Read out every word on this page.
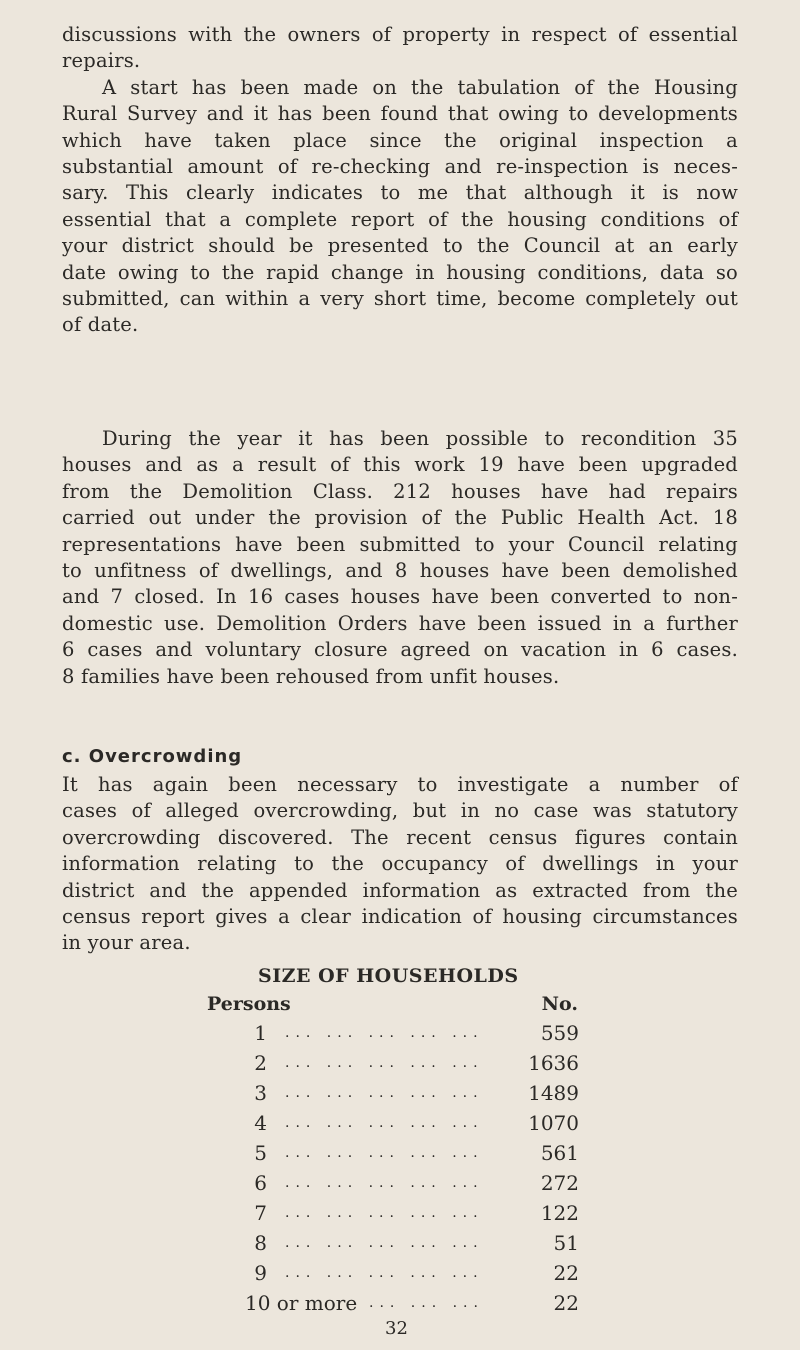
discussions with the owners of property in respect of essential
repairs.
A start has been made on the tabulation of the Housing
Rural Survey and it has been found that owing to developments
which have taken place since the original inspection a
substantial amount of re-checking and re-inspection is neces-
sary. This clearly indicates to me that although it is now
essential that a complete report of the housing conditions of
your district should be presented to the Council at an early
date owing to the rapid change in housing conditions, data so
submitted, can within a very short time, become completely out
of date.
During the year it has been possible to recondition 35
houses and as a result of this work 19 have been upgraded
from the Demolition Class. 212 houses have had repairs
carried out under the provision of the Public Health Act. 18
representations have been submitted to your Council relating
to unfitness of dwellings, and 8 houses have been demolished
and 7 closed. In 16 cases houses have been converted to non-
domestic use. Demolition Orders have been issued in a further
6 cases and voluntary closure agreed on vacation in 6 cases.
8 families have been rehoused from unfit houses.
c. Overcrowding
It has again been necessary to investigate a number of
cases of alleged overcrowding, but in no case was statutory
overcrowding discovered. The recent census figures contain
information relating to the occupancy of dwellings in your
district and the appended information as extracted from the
census report gives a clear indication of housing circumstances
in your area.
SIZE OF HOUSEHOLDS
Persons	No.
1 ... ... ... ... ...	559
2 ... ... ... ... ...	1636
3 ... ... ... ... ...	1489
4 ... ... ... ... ...	1070
5 ... ... ... ... ...	561
6 ... ... ... ... ...	272
7 ... ... ... ... ...	122
8 ... ... ... ... ...	51
9 ... ... ... ... ...	22
10 or more ... ... ...	22
32
